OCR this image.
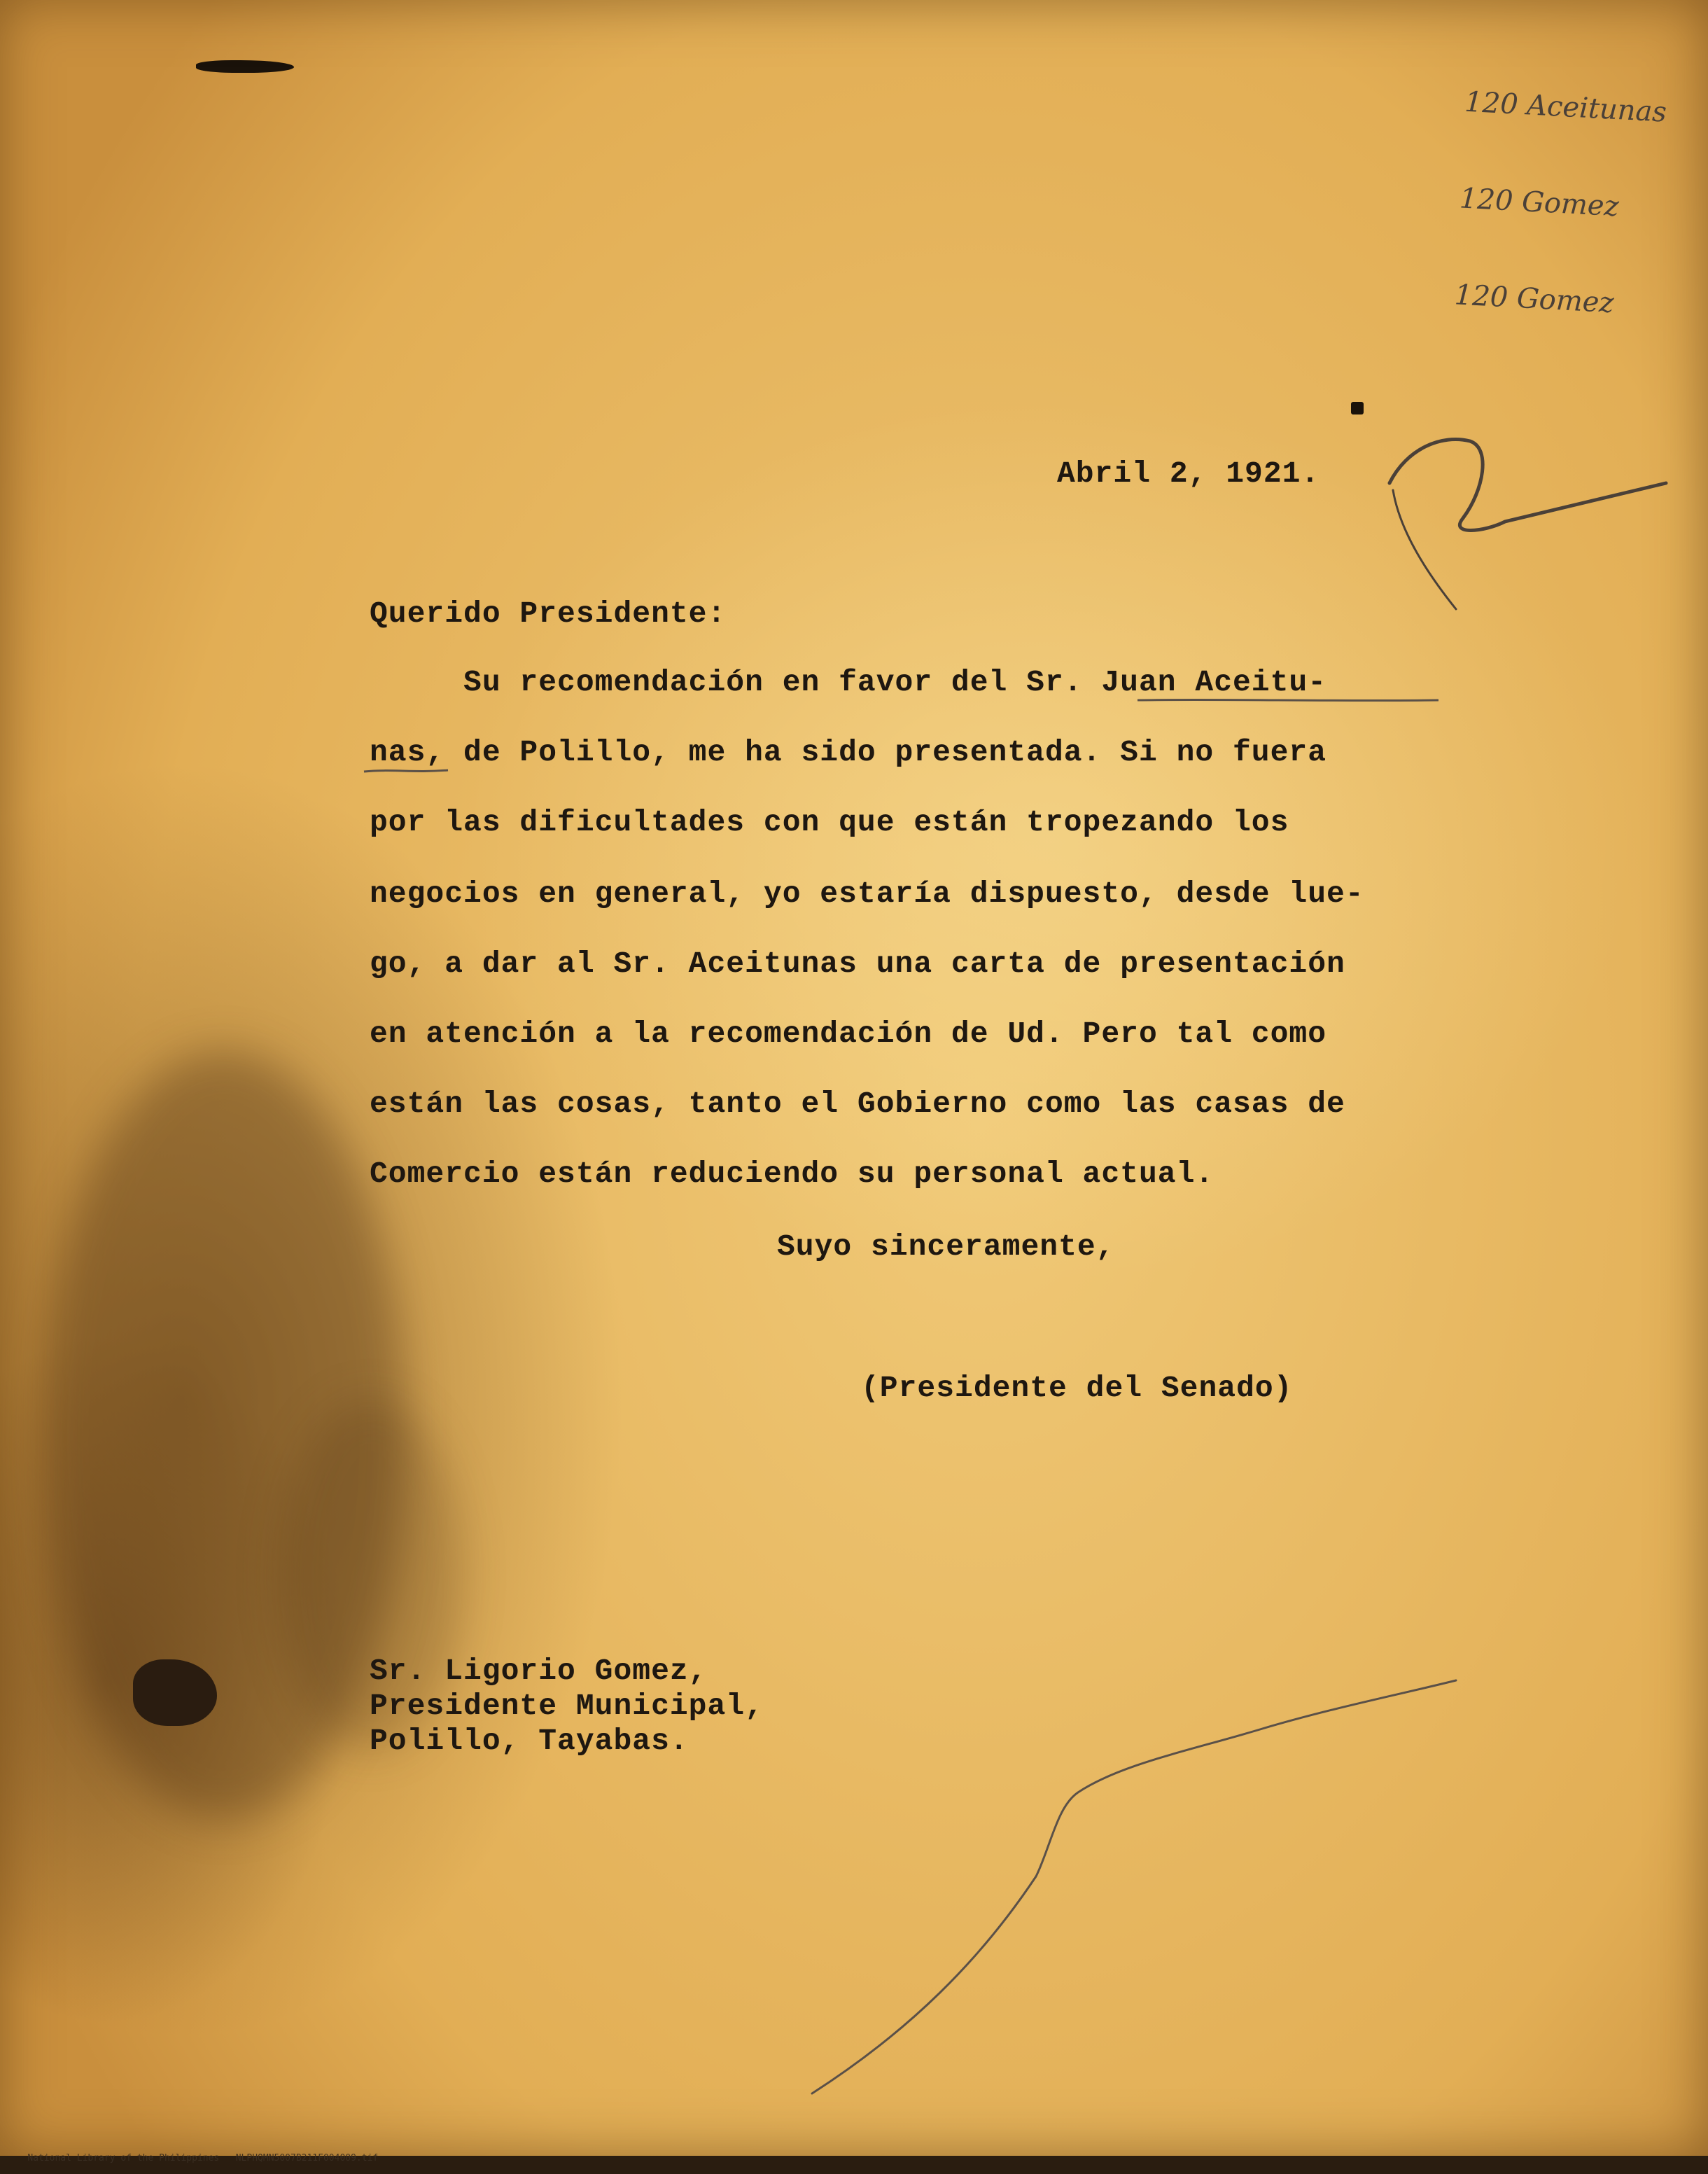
120 Aceitunas

120 Gomez

120 Gomez

Abril 2, 1921.
Querido Presidente:
Su recomendación en favor del Sr. Juan Aceitu-
nas, de Polillo, me ha sido presentada. Si no fuera
por las dificultades con que están tropezando los
negocios en general, yo estaría dispuesto, desde lue-
go, a dar al Sr. Aceitunas una carta de presentación
en atención a la recomendación de Ud. Pero tal como
están las cosas, tanto el Gobierno como las casas de
Comercio están reduciendo su personal actual.
Suyo sinceramente,
(Presidente del Senado)
Sr. Ligorio Gomez,
Presidente Municipal,
Polillo, Tayabas.

National Library of the Philippines NLPHQMN5007B211F004009.tif
